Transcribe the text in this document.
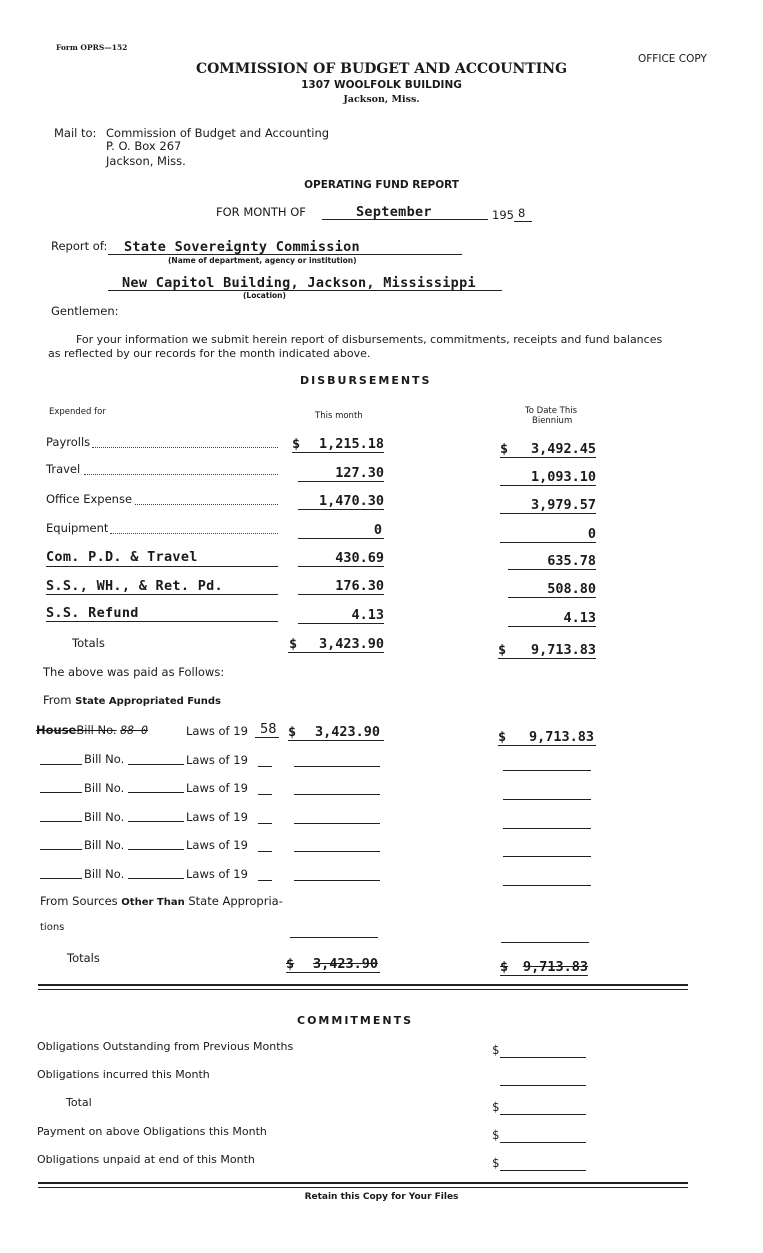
Form OPRS—152
OFFICE COPY
COMMISSION OF BUDGET AND ACCOUNTING
1307 WOOLFOLK BUILDING
Jackson, Miss.
Mail to: Commission of Budget and Accounting
P. O. Box 267
Jackson, Miss.
OPERATING FUND REPORT
FOR MONTH OF	September	195 8
Report of: State Sovereignty Commission
(Name of department, agency or institution)
New Capitol Building, Jackson, Mississippi
(Location)
Gentlemen:
For your information we submit herein report of disbursements, commitments, receipts and fund balances
as reflected by our records for the month indicated above.
DISBURSEMENTS
Expended for	This month	To Date This
Biennium
Payrolls	$	1,215.18	$	3,492.45
Travel	127.30	1,093.10
Office Expense	1,470.30	3,979.57
Equipment	0	0
Com. P.D. & Travel	430.69	635.78
S.S., WH., & Ret. Pd.	176.30	508.80
S.S. Refund	4.13	4.13
Totals	$	3,423.90	$	9,713.83
The above was paid as Follows:
From State Appropriated Funds
HouseBill No. 88 0	Laws of 19 58 $	3,423.90	$	9,713.83
Bill No.	Laws of 19
Bill No.	Laws of 19
Bill No.	Laws of 19
Bill No.	Laws of 19
Bill No.	Laws of 19
From Sources Other Than State Appropria-
tions
Totals	$	3,423.90	$	9,713.83
COMMITMENTS
Obligations Outstanding from Previous Months	$
Obligations incurred this Month
Total	$
Payment on above Obligations this Month	$
Obligations unpaid at end of this Month	$
Retain this Copy for Your Files
